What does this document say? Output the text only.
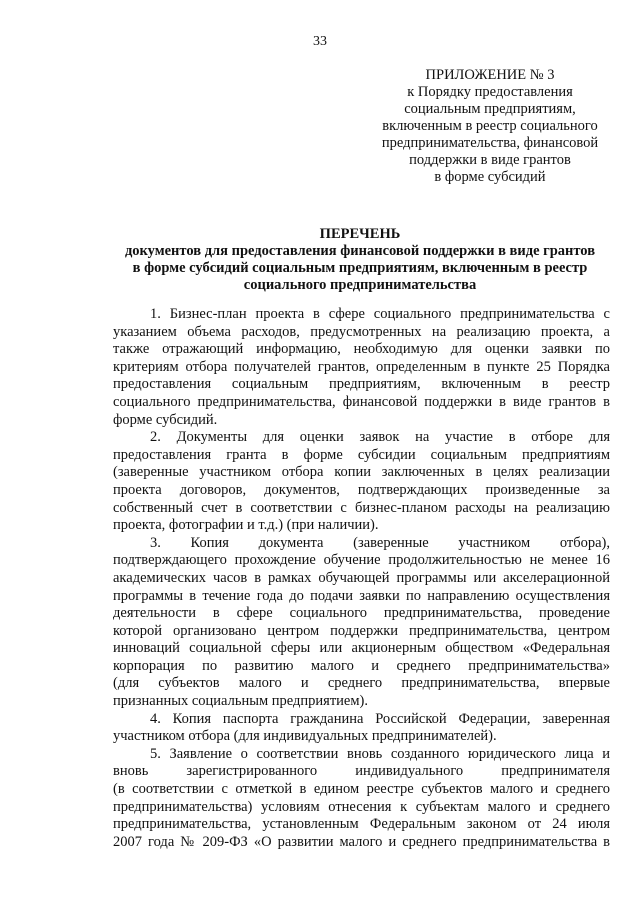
33
ПРИЛОЖЕНИЕ № 3
к Порядку предоставления
социальным предприятиям,
включенным в реестр социального
предпринимательства, финансовой
поддержки в виде грантов
в форме субсидий
ПЕРЕЧЕНЬ
документов для предоставления финансовой поддержки в виде грантов
в форме субсидий социальным предприятиям, включенным в реестр
социального предпринимательства
1. Бизнес-план проекта в сфере социального предпринимательства с
указанием объема расходов, предусмотренных на реализацию проекта, а
также отражающий информацию, необходимую для оценки заявки по
критериям отбора получателей грантов, определенным в пункте 25 Порядка
предоставления социальным предприятиям, включенным в реестр
социального предпринимательства, финансовой поддержки в виде грантов в
форме субсидий.
2. Документы для оценки заявок на участие в отборе для
предоставления гранта в форме субсидии социальным предприятиям
(заверенные участником отбора копии заключенных в целях реализации
проекта договоров, документов, подтверждающих произведенные за
собственный счет в соответствии с бизнес-планом расходы на реализацию
проекта, фотографии и т.д.) (при наличии).
3. Копия документа (заверенные участником отбора),
подтверждающего прохождение обучение продолжительностью не менее 16
академических часов в рамках обучающей программы или акселерационной
программы в течение года до подачи заявки по направлению осуществления
деятельности в сфере социального предпринимательства, проведение
которой организовано центром поддержки предпринимательства, центром
инноваций социальной сферы или акционерным обществом «Федеральная
корпорация по развитию малого и среднего предпринимательства»
(для субъектов малого и среднего предпринимательства, впервые
признанных социальным предприятием).
4. Копия паспорта гражданина Российской Федерации, заверенная
участником отбора (для индивидуальных предпринимателей).
5. Заявление о соответствии вновь созданного юридического лица и
вновь зарегистрированного индивидуального предпринимателя
(в соответствии с отметкой в едином реестре субъектов малого и среднего
предпринимательства) условиям отнесения к субъектам малого и среднего
предпринимательства, установленным Федеральным законом от 24 июля
2007 года № 209-ФЗ «О развитии малого и среднего предпринимательства в
